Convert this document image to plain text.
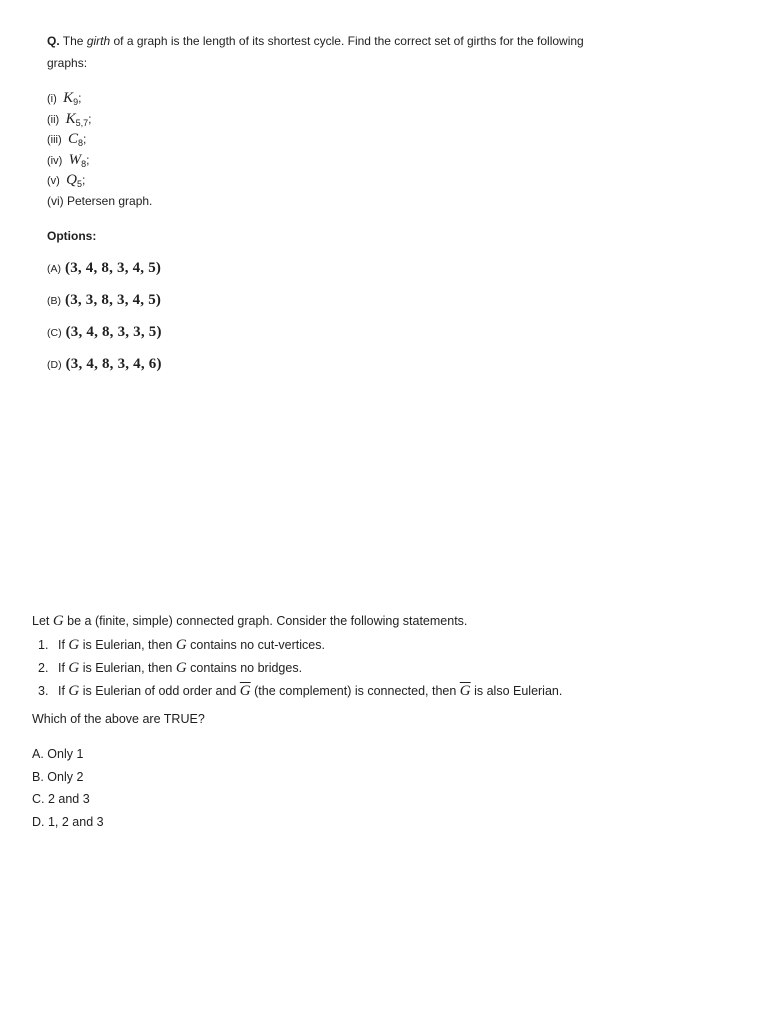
Q. The girth of a graph is the length of its shortest cycle. Find the correct set of girths for the following graphs:

(i) $K_9$;
(ii) $K_{5,7}$;
(iii) $C_8$;
(iv) $W_8$;
(v) $Q_5$;
(vi) Petersen graph.

Options:

(A) (3, 4, 8, 3, 4, 5)
(B) (3, 3, 8, 3, 4, 5)
(C) (3, 4, 8, 3, 3, 5)
(D) (3, 4, 8, 3, 4, 6)

Let G be a (finite, simple) connected graph. Consider the following statements.

1. If G is Eulerian, then G contains no cut-vertices.
2. If G is Eulerian, then G contains no bridges.
3. If G is Eulerian of odd order and $\overline{G}$ (the complement) is connected, then $\overline{G}$ is also Eulerian.

Which of the above are TRUE?

A. Only 1
B. Only 2
C. 2 and 3
D. 1, 2 and 3
